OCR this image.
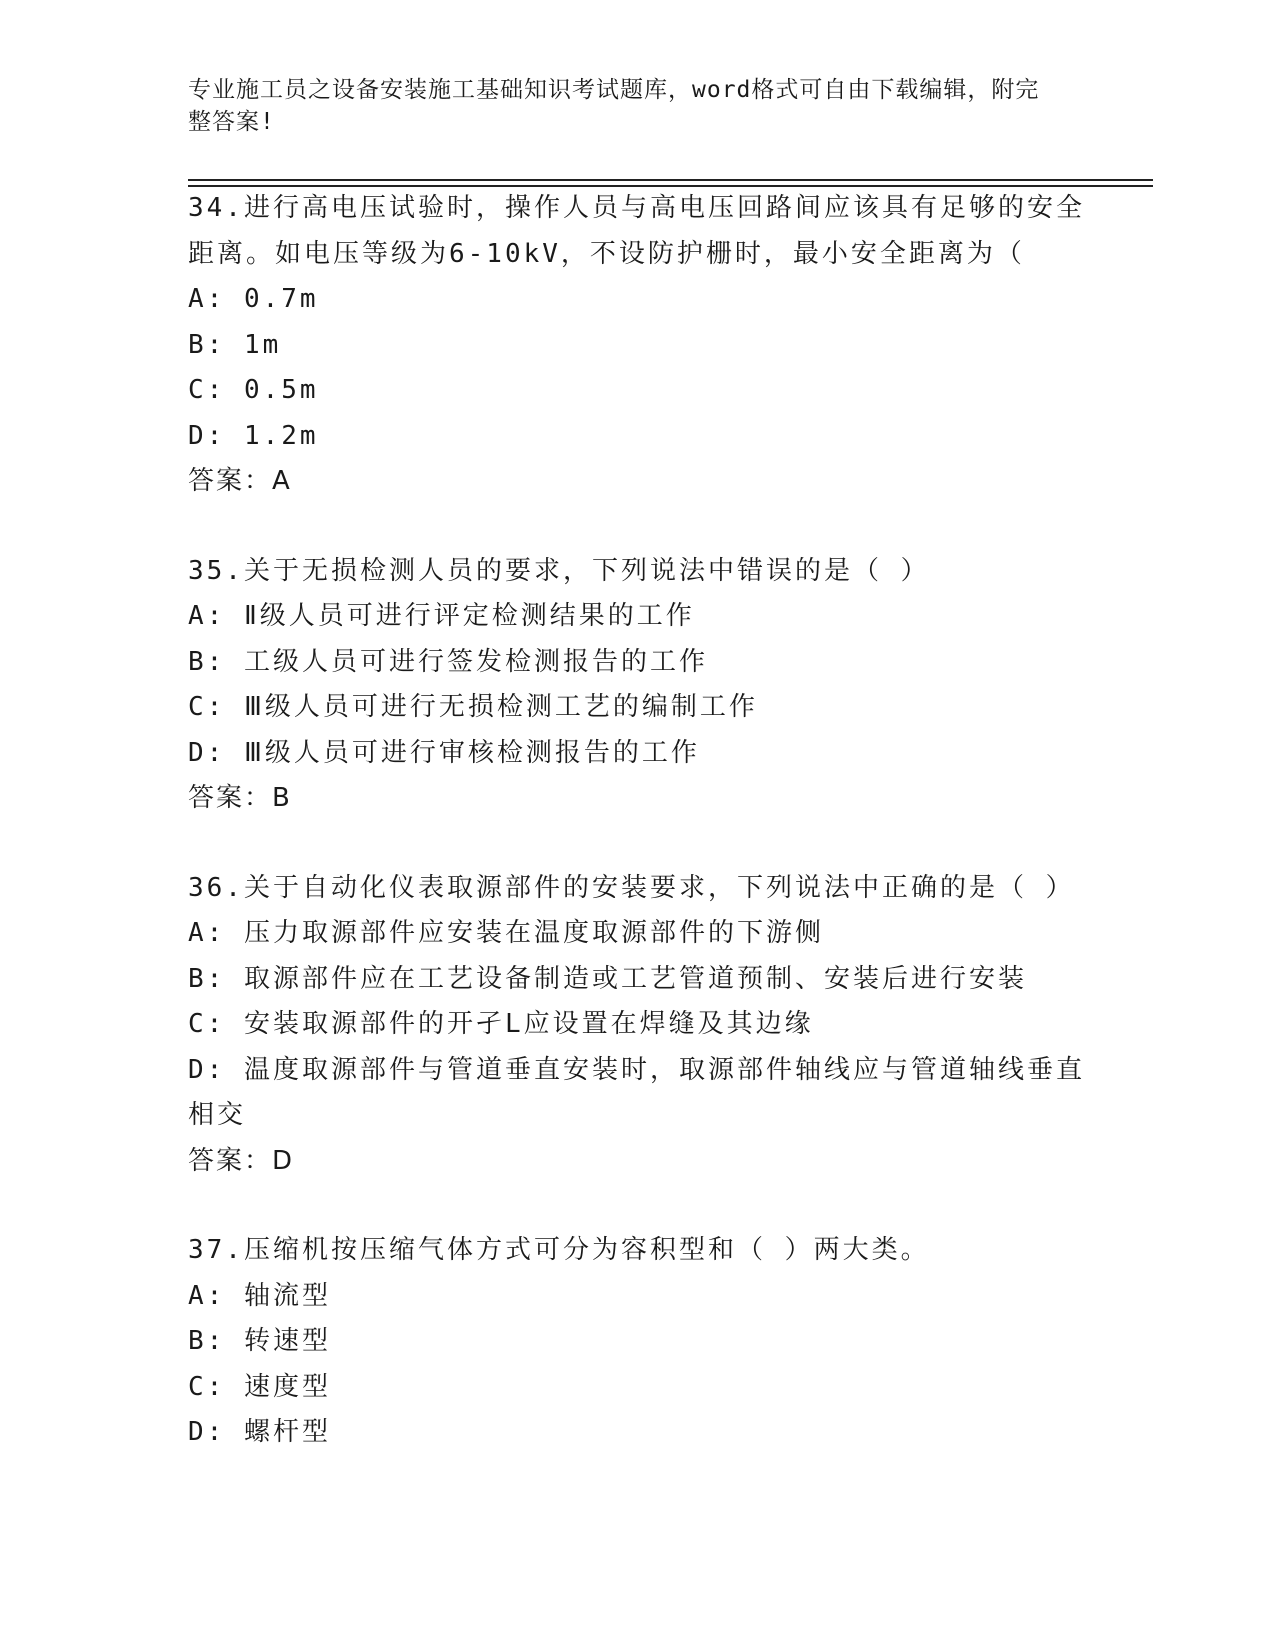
专业施工员之设备安装施工基础知识考试题库，word格式可自由下载编辑，附完
整答案!
34.进行高电压试验时，操作人员与高电压回路间应该具有足够的安全
距离。如电压等级为6-10kV，不设防护栅时，最小安全距离为（
A: 0.7m
B: 1m
C: 0.5m
D: 1.2m
答案：A
35.关于无损检测人员的要求，下列说法中错误的是（ ）
A: Ⅱ级人员可进行评定检测结果的工作
B: 工级人员可进行签发检测报告的工作
C: Ⅲ级人员可进行无损检测工艺的编制工作
D: Ⅲ级人员可进行审核检测报告的工作
答案：B
36.关于自动化仪表取源部件的安装要求，下列说法中正确的是（ ）
A: 压力取源部件应安装在温度取源部件的下游侧
B: 取源部件应在工艺设备制造或工艺管道预制、安装后进行安装
C: 安装取源部件的开孑L应设置在焊缝及其边缘
D: 温度取源部件与管道垂直安装时，取源部件轴线应与管道轴线垂直
相交
答案：D
37.压缩机按压缩气体方式可分为容积型和（ ）两大类。
A: 轴流型
B: 转速型
C: 速度型
D: 螺杆型
